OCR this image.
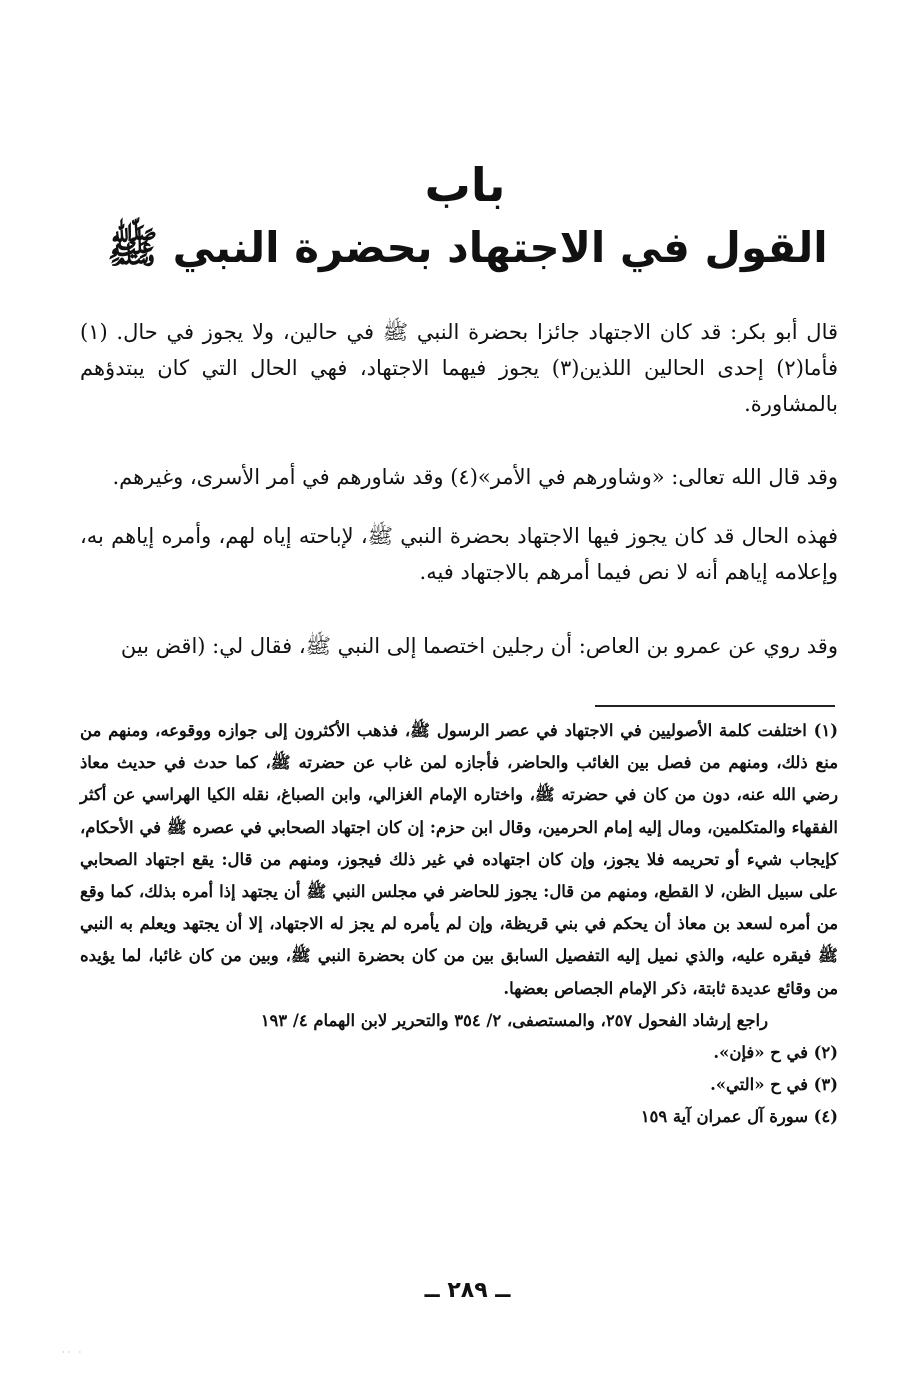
باب
القول في الاجتهاد بحضرة النبي ﷺ
قال أبو بكر: قد كان الاجتهاد جائزا بحضرة النبي ﷺ في حالين، ولا يجوز في حال. (١) فأما(٢) إحدى الحالين اللذين(٣) يجوز فيهما الاجتهاد، فهي الحال التي كان يبتدؤهم بالمشاورة.
وقد قال الله تعالى: «وشاورهم في الأمر»(٤) وقد شاورهم في أمر الأسرى، وغيرهم.
فهذه الحال قد كان يجوز فيها الاجتهاد بحضرة النبي ﷺ، لإباحته إياه لهم، وأمره إياهم به، وإعلامه إياهم أنه لا نص فيما أمرهم بالاجتهاد فيه.
وقد روي عن عمرو بن العاص: أن رجلين اختصما إلى النبي ﷺ، فقال لي: (اقض بين

(١) اختلفت كلمة الأصوليين في الاجتهاد في عصر الرسول ﷺ، فذهب الأكثرون إلى جوازه ووقوعه، ومنهم من منع ذلك، ومنهم من فصل بين الغائب والحاضر، فأجازه لمن غاب عن حضرته ﷺ، كما حدث في حديث معاذ رضي الله عنه، دون من كان في حضرته ﷺ، واختاره الإمام الغزالي، وابن الصباغ، نقله الكيا الهراسي عن أكثر الفقهاء والمتكلمين، ومال إليه إمام الحرمين، وقال ابن حزم: إن كان اجتهاد الصحابي في عصره ﷺ في الأحكام، كإيجاب شيء أو تحريمه فلا يجوز، وإن كان اجتهاده في غير ذلك فيجوز، ومنهم من قال: يقع اجتهاد الصحابي على سبيل الظن، لا القطع، ومنهم من قال: يجوز للحاضر في مجلس النبي ﷺ أن يجتهد إذا أمره بذلك، كما وقع من أمره لسعد بن معاذ أن يحكم في بني قريظة، وإن لم يأمره لم يجز له الاجتهاد، إلا أن يجتهد ويعلم به النبي ﷺ فيقره عليه، والذي نميل إليه التفصيل السابق بين من كان بحضرة النبي ﷺ، وبين من كان غائبا، لما يؤيده من وقائع عديدة ثابتة، ذكر الإمام الجصاص بعضها.

راجع إرشاد الفحول ٢٥٧، والمستصفى، ٢/ ٣٥٤ والتحرير لابن الهمام ٤/ ١٩٣

(٢) في ح «فإن».

(٣) في ح «التي».

(٤) سورة آل عمران آية ١٥٩

ــ ٢٨٩ ــ
·· ·
